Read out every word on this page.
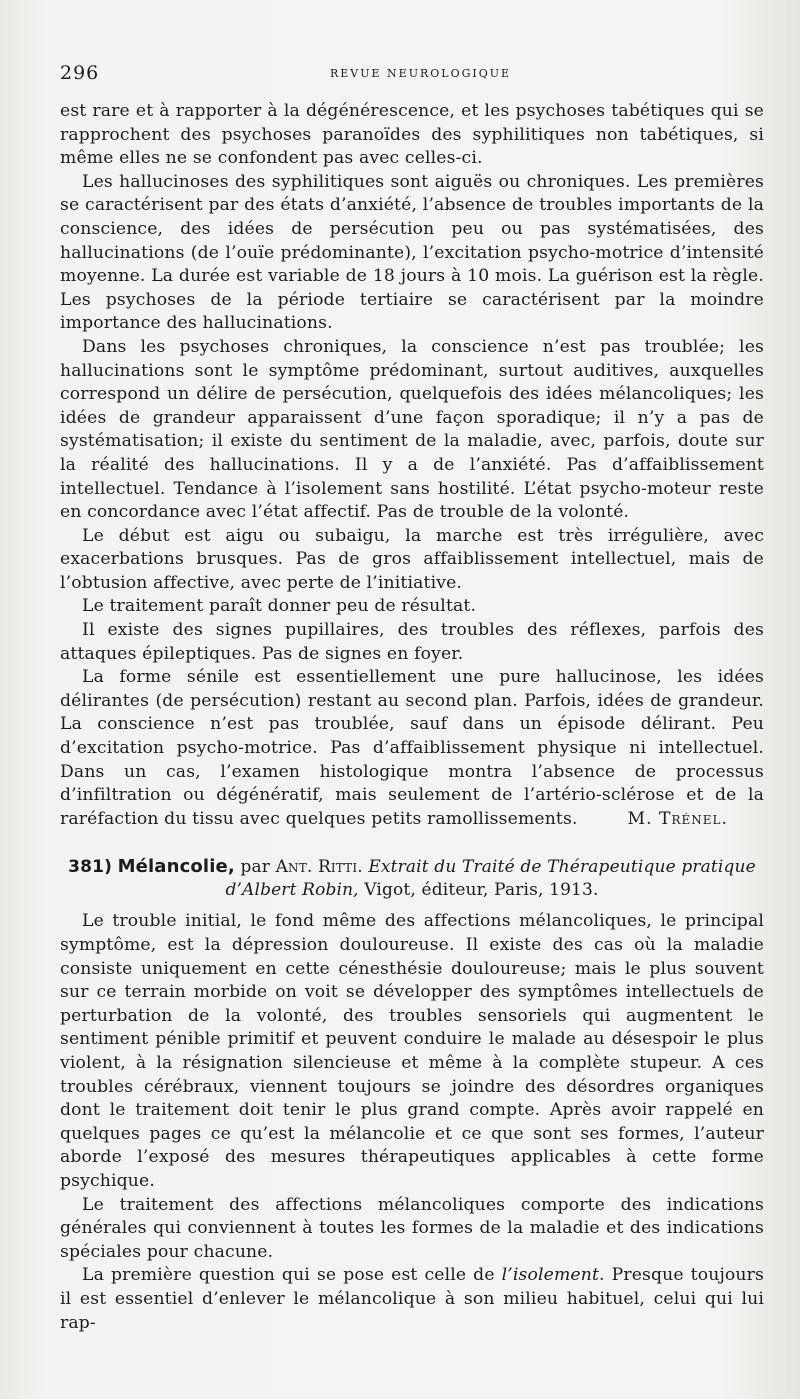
296	REVUE NEUROLOGIQUE

est rare et à rapporter à la dégénérescence, et les psychoses tabétiques qui se rapprochent des psychoses paranoïdes des syphilitiques non tabétiques, si même elles ne se confondent pas avec celles-ci.

Les hallucinoses des syphilitiques sont aiguës ou chroniques. Les premières se caractérisent par des états d’anxiété, l’absence de troubles importants de la conscience, des idées de persécution peu ou pas systématisées, des hallucinations (de l’ouïe prédominante), l’excitation psycho-motrice d’intensité moyenne. La durée est variable de 18 jours à 10 mois. La guérison est la règle. Les psychoses de la période tertiaire se caractérisent par la moindre importance des hallucinations.

Dans les psychoses chroniques, la conscience n’est pas troublée; les hallucinations sont le symptôme prédominant, surtout auditives, auxquelles correspond un délire de persécution, quelquefois des idées mélancoliques; les idées de grandeur apparaissent d’une façon sporadique; il n’y a pas de systématisation; il existe du sentiment de la maladie, avec, parfois, doute sur la réalité des hallucinations. Il y a de l’anxiété. Pas d’affaiblissement intellectuel. Tendance à l’isolement sans hostilité. L’état psycho-moteur reste en concordance avec l’état affectif. Pas de trouble de la volonté.

Le début est aigu ou subaigu, la marche est très irrégulière, avec exacerbations brusques. Pas de gros affaiblissement intellectuel, mais de l’obtusion affective, avec perte de l’initiative.

Le traitement paraît donner peu de résultat.

Il existe des signes pupillaires, des troubles des réflexes, parfois des attaques épileptiques. Pas de signes en foyer.

La forme sénile est essentiellement une pure hallucinose, les idées délirantes (de persécution) restant au second plan. Parfois, idées de grandeur. La conscience n’est pas troublée, sauf dans un épisode délirant. Peu d’excitation psycho-motrice. Pas d’affaiblissement physique ni intellectuel. Dans un cas, l’examen histologique montra l’absence de processus d’infiltration ou dégénératif, mais seulement de l’artério-sclérose et de la raréfaction du tissu avec quelques petits ramollissements.	M. Trénel.

381) Mélancolie, par Ant. Ritti. Extrait du Traité de Thérapeutique pratique d’Albert Robin, Vigot, éditeur, Paris, 1913.

Le trouble initial, le fond même des affections mélancoliques, le principal symptôme, est la dépression douloureuse. Il existe des cas où la maladie consiste uniquement en cette cénesthésie douloureuse; mais le plus souvent sur ce terrain morbide on voit se développer des symptômes intellectuels de perturbation de la volonté, des troubles sensoriels qui augmentent le sentiment pénible primitif et peuvent conduire le malade au désespoir le plus violent, à la résignation silencieuse et même à la complète stupeur. A ces troubles cérébraux, viennent toujours se joindre des désordres organiques dont le traitement doit tenir le plus grand compte. Après avoir rappelé en quelques pages ce qu’est la mélancolie et ce que sont ses formes, l’auteur aborde l’exposé des mesures thérapeutiques applicables à cette forme psychique.

Le traitement des affections mélancoliques comporte des indications générales qui conviennent à toutes les formes de la maladie et des indications spéciales pour chacune.

La première question qui se pose est celle de l’isolement. Presque toujours il est essentiel d’enlever le mélancolique à son milieu habituel, celui qui lui rap-
